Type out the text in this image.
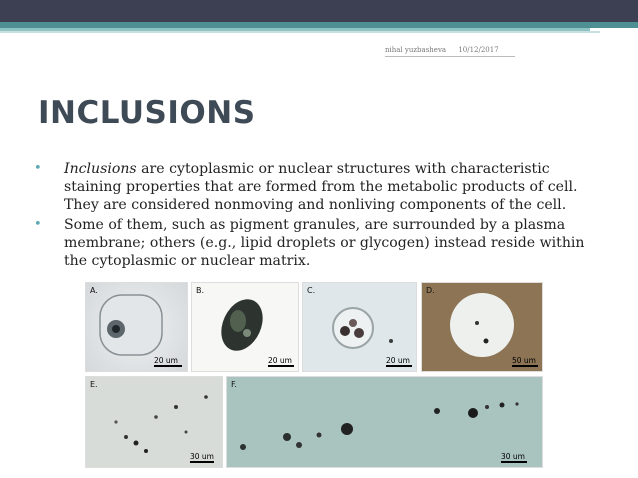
nihal yuzbasheva 10/12/2017
INCLUSIONS
• Inclusions are cytoplasmic or nuclear structures with characteristic staining properties that are formed from the metabolic products of cell. They are considered nonmoving and nonliving components of the cell.
• Some of them, such as pigment granules, are surrounded by a plasma membrane; others (e.g., lipid droplets or glycogen) instead reside within the cytoplasmic or nuclear matrix.
A.
20 um
B.
20 um
C.
20 um
D.
50 um
E.
30 um
F.
30 um
